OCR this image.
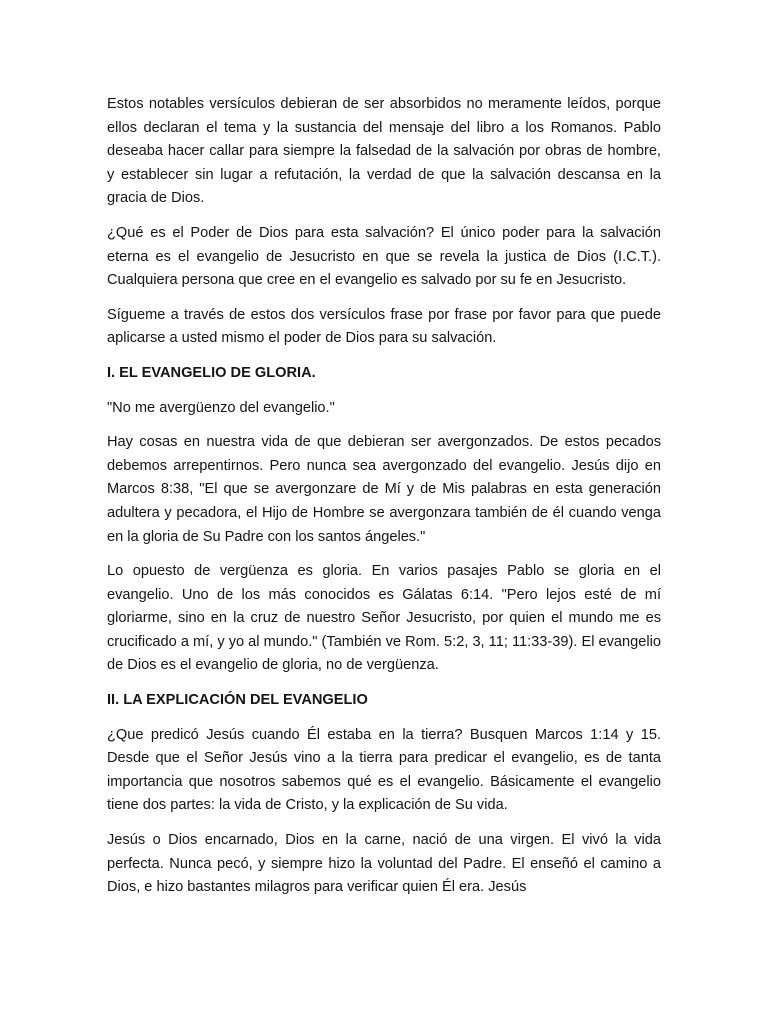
Estos notables versículos debieran de ser absorbidos no meramente leídos, porque ellos declaran el tema y la sustancia del mensaje del libro a los Romanos. Pablo deseaba hacer callar para siempre la falsedad de la salvación por obras de hombre, y establecer sin lugar a refutación, la verdad de que la salvación descansa en la gracia de Dios.

¿Qué es el Poder de Dios para esta salvación? El único poder para la salvación eterna es el evangelio de Jesucristo en que se revela la justica de Dios (I.C.T.). Cualquiera persona que cree en el evangelio es salvado por su fe en Jesucristo.

Sígueme a través de estos dos versículos frase por frase por favor para que puede aplicarse a usted mismo el poder de Dios para su salvación.

I. EL EVANGELIO DE GLORIA.

"No me avergüenzo del evangelio."

Hay cosas en nuestra vida de que debieran ser avergonzados. De estos pecados debemos arrepentirnos. Pero nunca sea avergonzado del evangelio. Jesús dijo en Marcos 8:38, "El que se avergonzare de Mí y de Mis palabras en esta generación adultera y pecadora, el Hijo de Hombre se avergonzara también de él cuando venga en la gloria de Su Padre con los santos ángeles."

Lo opuesto de vergüenza es gloria. En varios pasajes Pablo se gloria en el evangelio. Uno de los más conocidos es Gálatas 6:14. "Pero lejos esté de mí gloriarme, sino en la cruz de nuestro Señor Jesucristo, por quien el mundo me es crucificado a mí, y yo al mundo." (También ve Rom. 5:2, 3, 11; 11:33-39). El evangelio de Dios es el evangelio de gloria, no de vergüenza.

II. LA EXPLICACIÓN DEL EVANGELIO

¿Que predicó Jesús cuando Él estaba en la tierra? Busquen Marcos 1:14 y 15. Desde que el Señor Jesús vino a la tierra para predicar el evangelio, es de tanta importancia que nosotros sabemos qué es el evangelio. Básicamente el evangelio tiene dos partes: la vida de Cristo, y la explicación de Su vida.

Jesús o Dios encarnado, Dios en la carne, nació de una virgen. El vivó la vida perfecta. Nunca pecó, y siempre hizo la voluntad del Padre. El enseñó el camino a Dios, e hizo bastantes milagros para verificar quien Él era. Jesús
